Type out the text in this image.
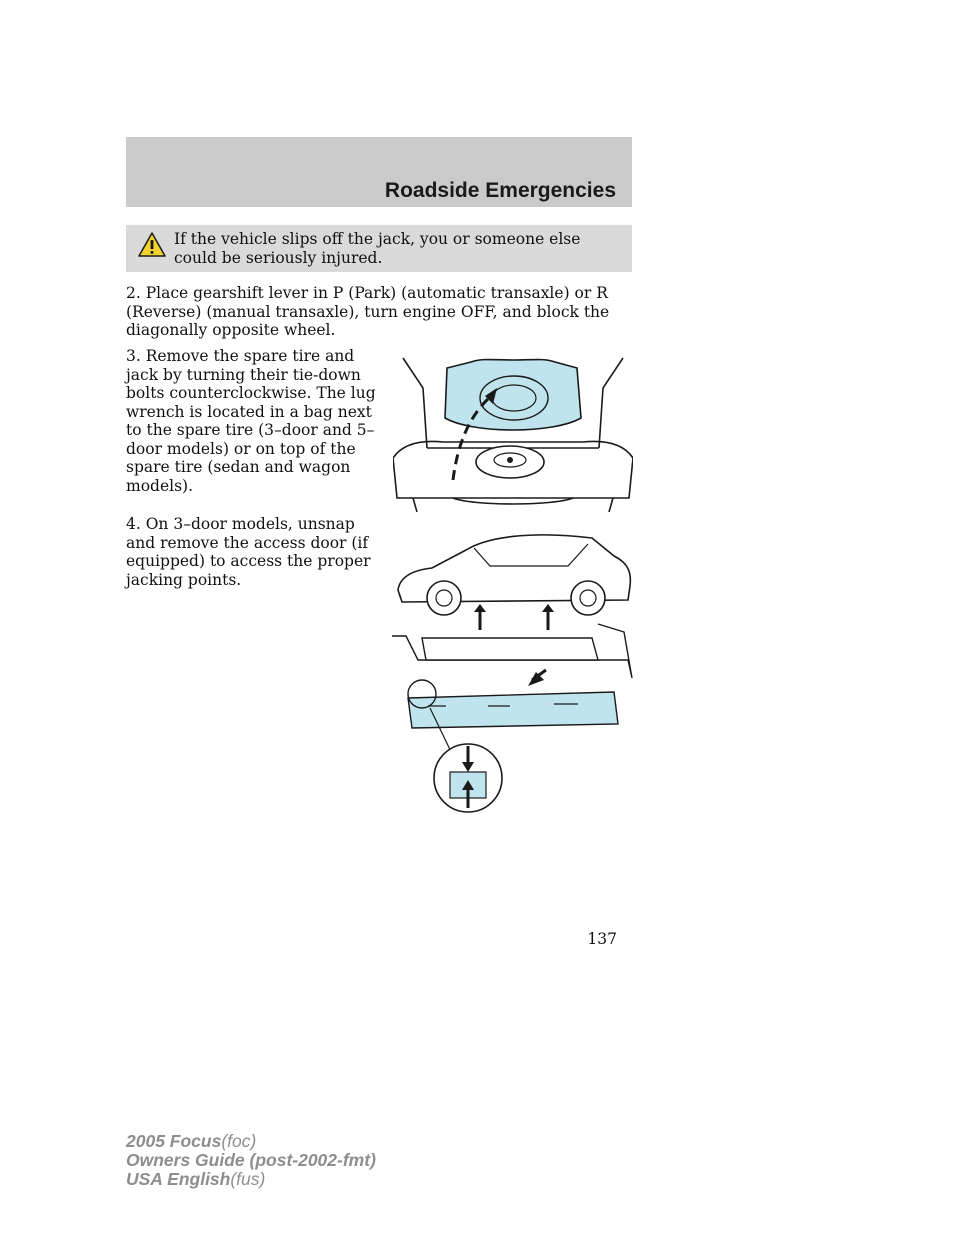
Roadside Emergencies
If the vehicle slips off the jack, you or someone else could be seriously injured.
2. Place gearshift lever in P (Park) (automatic transaxle) or R (Reverse) (manual transaxle), turn engine OFF, and block the diagonally opposite wheel.
3. Remove the spare tire and jack by turning their tie-down bolts counterclockwise. The lug wrench is located in a bag next to the spare tire (3–door and 5–door models) or on top of the spare tire (sedan and wagon models).
4. On 3–door models, unsnap and remove the access door (if equipped) to access the proper jacking points.
137
2005 Focus(foc)
Owners Guide (post-2002-fmt)
USA English(fus)
